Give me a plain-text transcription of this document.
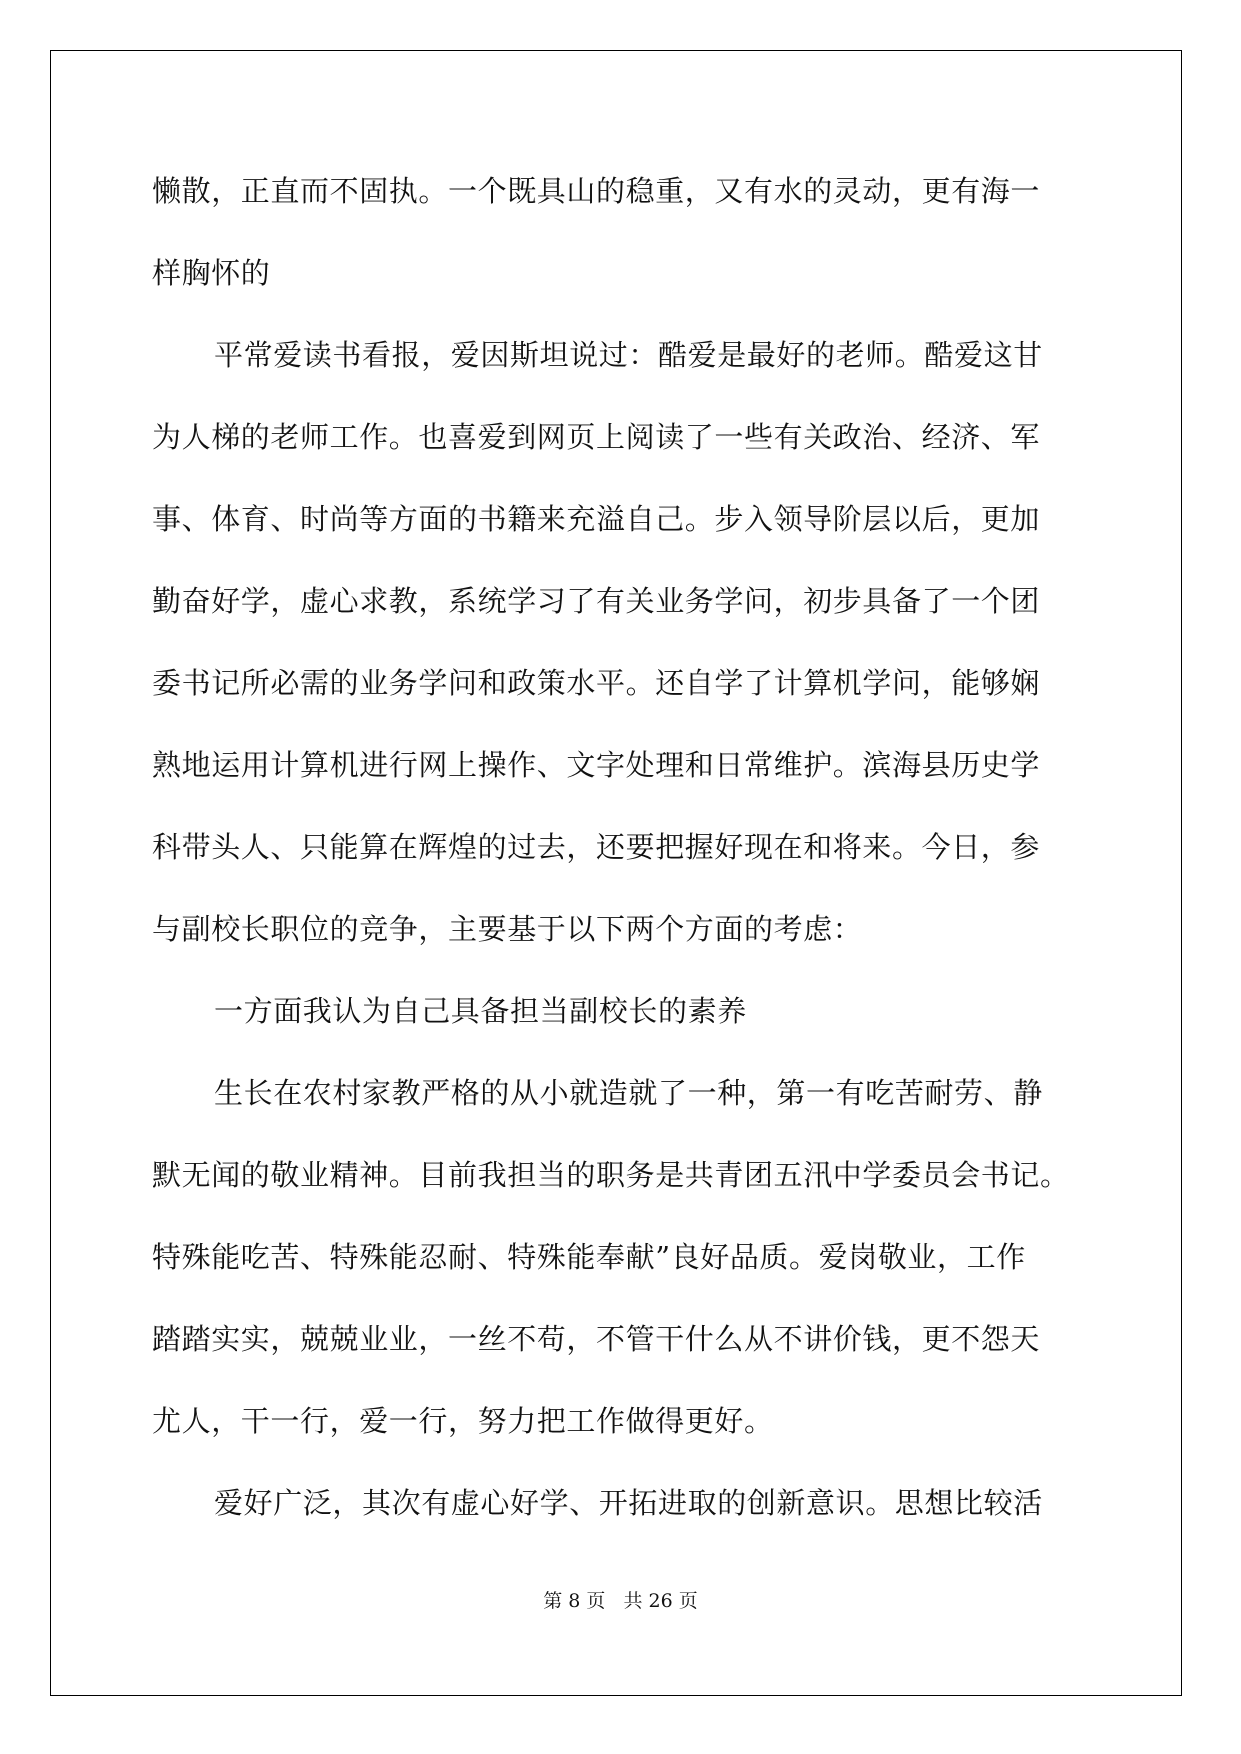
懒散，正直而不固执。一个既具山的稳重，又有水的灵动，更有海一
样胸怀的
平常爱读书看报，爱因斯坦说过：酷爱是最好的老师。酷爱这甘
为人梯的老师工作。也喜爱到网页上阅读了一些有关政治、经济、军
事、体育、时尚等方面的书籍来充溢自己。步入领导阶层以后，更加
勤奋好学，虚心求教，系统学习了有关业务学问，初步具备了一个团
委书记所必需的业务学问和政策水平。还自学了计算机学问，能够娴
熟地运用计算机进行网上操作、文字处理和日常维护。滨海县历史学
科带头人、只能算在辉煌的过去，还要把握好现在和将来。今日，参
与副校长职位的竞争，主要基于以下两个方面的考虑：
一方面我认为自己具备担当副校长的素养
生长在农村家教严格的从小就造就了一种，第一有吃苦耐劳、静
默无闻的敬业精神。目前我担当的职务是共青团五汛中学委员会书记。
特殊能吃苦、特殊能忍耐、特殊能奉献”良好品质。爱岗敬业，工作
踏踏实实，兢兢业业，一丝不苟，不管干什么从不讲价钱，更不怨天
尤人，干一行，爱一行，努力把工作做得更好。
爱好广泛，其次有虚心好学、开拓进取的创新意识。思想比较活
第 8 页 共 26 页
